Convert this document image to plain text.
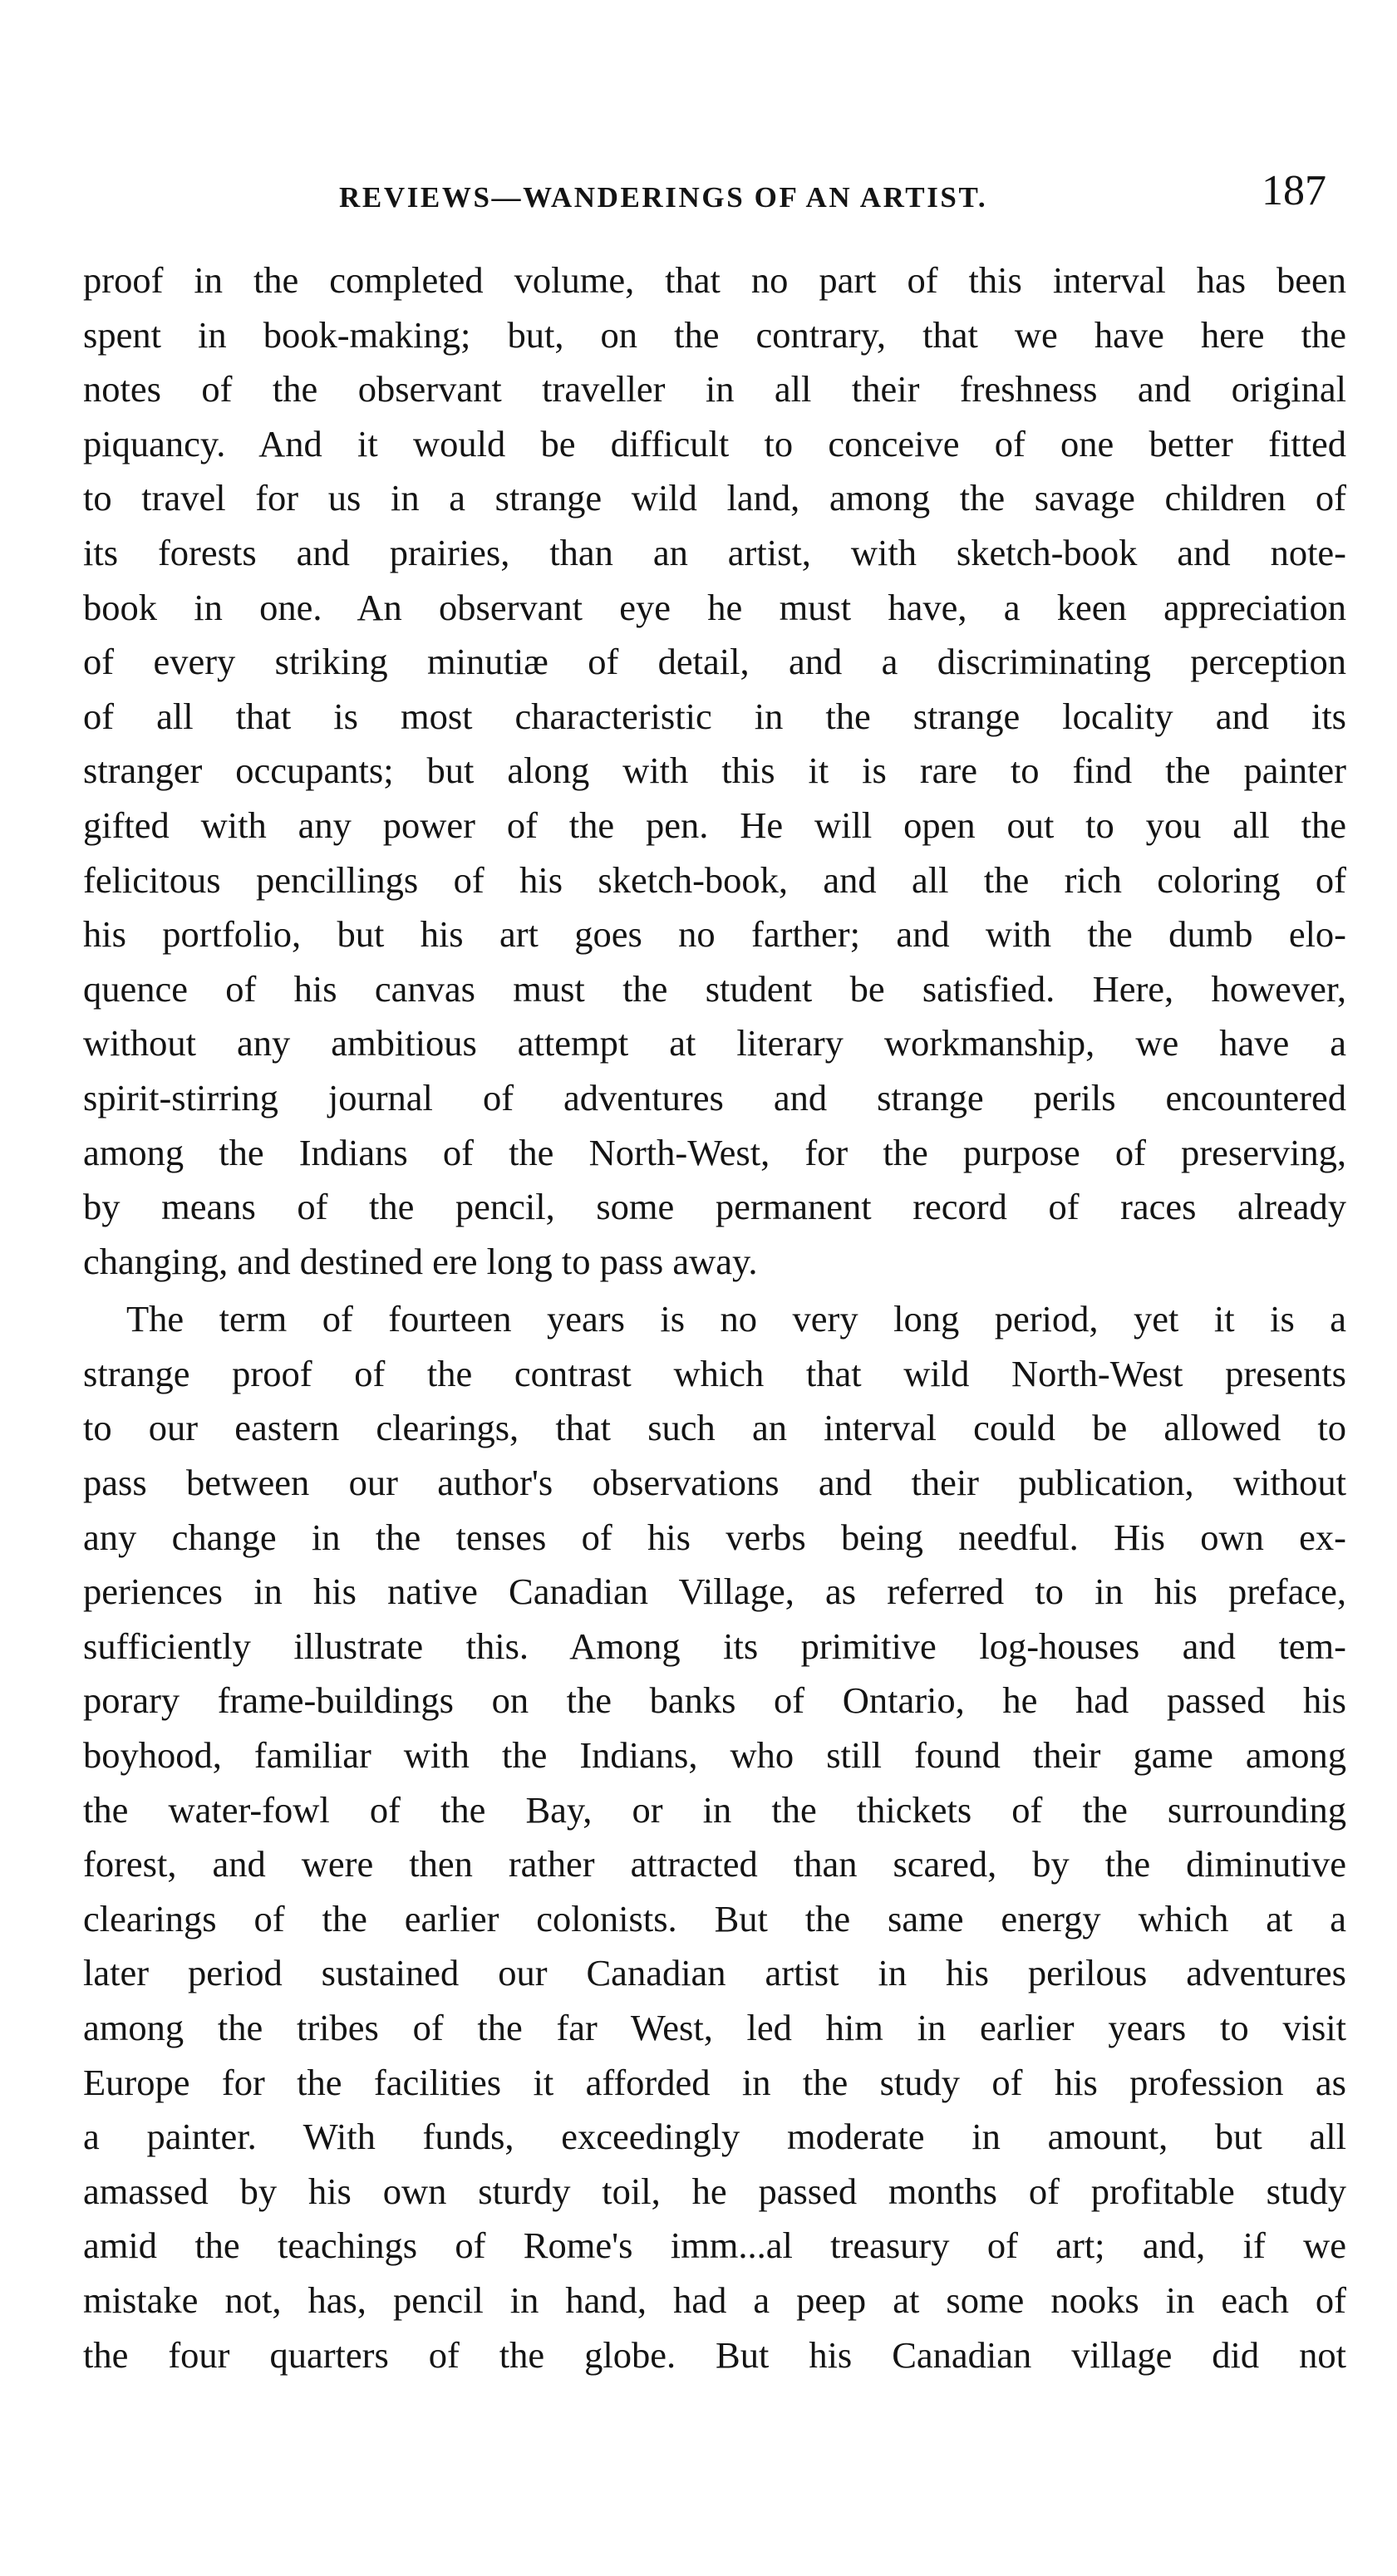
REVIEWS—WANDERINGS OF AN ARTIST.	187
proof in the completed volume, that no part of this interval has been
spent in book-making; but, on the contrary, that we have here the
notes of the observant traveller in all their freshness and original
piquancy. And it would be difficult to conceive of one better fitted
to travel for us in a strange wild land, among the savage children of
its forests and prairies, than an artist, with sketch-book and note-
book in one. An observant eye he must have, a keen appreciation
of every striking minutiæ of detail, and a discriminating perception
of all that is most characteristic in the strange locality and its
stranger occupants; but along with this it is rare to find the painter
gifted with any power of the pen. He will open out to you all the
felicitous pencillings of his sketch-book, and all the rich coloring of
his portfolio, but his art goes no farther; and with the dumb elo-
quence of his canvas must the student be satisfied. Here, however,
without any ambitious attempt at literary workmanship, we have a
spirit-stirring journal of adventures and strange perils encountered
among the Indians of the North-West, for the purpose of preserving,
by means of the pencil, some permanent record of races already
changing, and destined ere long to pass away.
The term of fourteen years is no very long period, yet it is a
strange proof of the contrast which that wild North-West presents
to our eastern clearings, that such an interval could be allowed to
pass between our author's observations and their publication, without
any change in the tenses of his verbs being needful. His own ex-
periences in his native Canadian Village, as referred to in his preface,
sufficiently illustrate this. Among its primitive log-houses and tem-
porary frame-buildings on the banks of Ontario, he had passed his
boyhood, familiar with the Indians, who still found their game among
the water-fowl of the Bay, or in the thickets of the surrounding
forest, and were then rather attracted than scared, by the diminutive
clearings of the earlier colonists. But the same energy which at a
later period sustained our Canadian artist in his perilous adventures
among the tribes of the far West, led him in earlier years to visit
Europe for the facilities it afforded in the study of his profession as
a painter. With funds, exceedingly moderate in amount, but all
amassed by his own sturdy toil, he passed months of profitable study
amid the teachings of Rome's imm...al treasury of art; and, if we
mistake not, has, pencil in hand, had a peep at some nooks in each of
the four quarters of the globe. But his Canadian village did not
